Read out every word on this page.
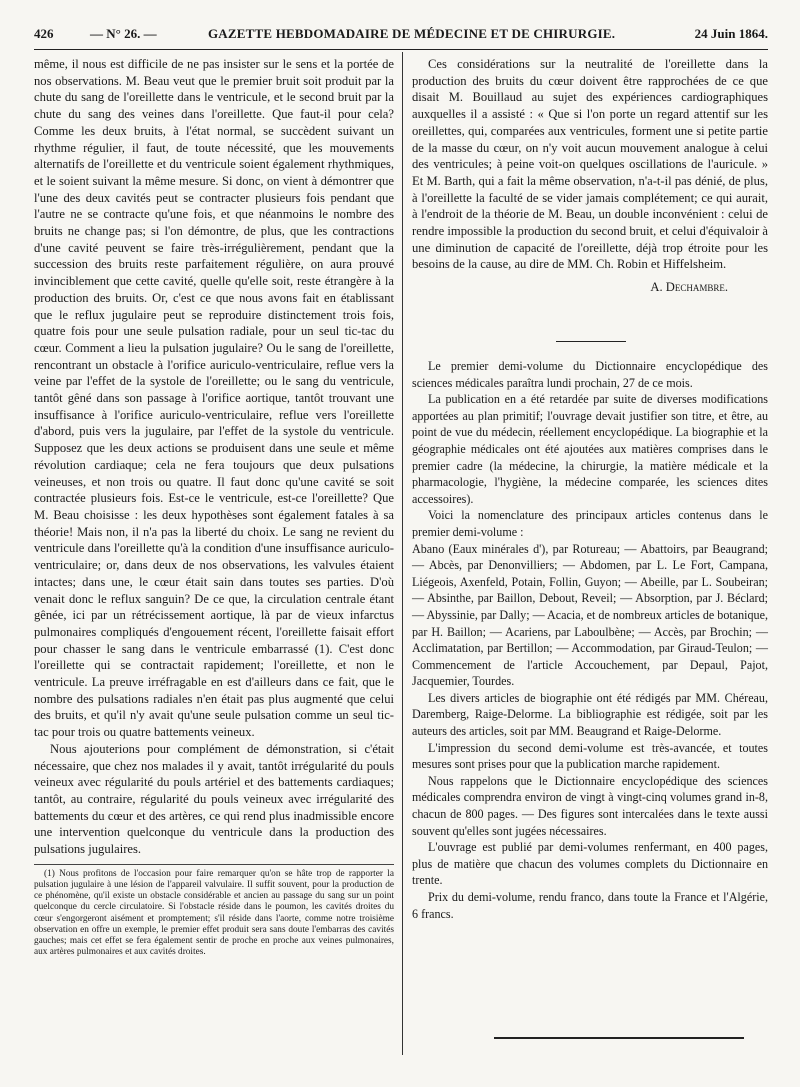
426	— N° 26. —	GAZETTE HEBDOMADAIRE DE MÉDECINE ET DE CHIRURGIE.	24 Juin 1864.

même, il nous est difficile de ne pas insister sur le sens et la portée de nos observations. M. Beau veut que le premier bruit soit produit par la chute du sang de l'oreillette dans le ventricule, et le second bruit par la chute du sang des veines dans l'oreillette. Que faut-il pour cela? Comme les deux bruits, à l'état normal, se succèdent suivant un rhythme régulier, il faut, de toute nécessité, que les mouvements alternatifs de l'oreillette et du ventricule soient également rhythmiques, et le soient suivant la même mesure. Si donc, on vient à démontrer que l'une des deux cavités peut se contracter plusieurs fois pendant que l'autre ne se contracte qu'une fois, et que néanmoins le nombre des bruits ne change pas; si l'on démontre, de plus, que les contractions d'une cavité peuvent se faire très-irrégulièrement, pendant que la succession des bruits reste parfaitement régulière, on aura prouvé invinciblement que cette cavité, quelle qu'elle soit, reste étrangère à la production des bruits. Or, c'est ce que nous avons fait en établissant que le reflux jugulaire peut se reproduire distinctement trois fois, quatre fois pour une seule pulsation radiale, pour un seul tic-tac du cœur. Comment a lieu la pulsation jugulaire? Ou le sang de l'oreillette, rencontrant un obstacle à l'orifice auriculo-ventriculaire, reflue vers la veine par l'effet de la systole de l'oreillette; ou le sang du ventricule, tantôt gêné dans son passage à l'orifice aortique, tantôt trouvant une insuffisance à l'orifice auriculo-ventriculaire, reflue vers l'oreillette d'abord, puis vers la jugulaire, par l'effet de la systole du ventricule. Supposez que les deux actions se produisent dans une seule et même révolution cardiaque; cela ne fera toujours que deux pulsations veineuses, et non trois ou quatre. Il faut donc qu'une cavité se soit contractée plusieurs fois. Est-ce le ventricule, est-ce l'oreillette? Que M. Beau choisisse : les deux hypothèses sont également fatales à sa théorie! Mais non, il n'a pas la liberté du choix. Le sang ne revient du ventricule dans l'oreillette qu'à la condition d'une insuffisance auriculo-ventriculaire; or, dans deux de nos observations, les valvules étaient intactes; dans une, le cœur était sain dans toutes ses parties. D'où venait donc le reflux sanguin? De ce que, la circulation centrale étant gênée, ici par un rétrécissement aortique, là par de vieux infarctus pulmonaires compliqués d'engouement récent, l'oreillette faisait effort pour chasser le sang dans le ventricule embarrassé (1). C'est donc l'oreillette qui se contractait rapidement; l'oreillette, et non le ventricule. La preuve irréfragable en est d'ailleurs dans ce fait, que le nombre des pulsations radiales n'en était pas plus augmenté que celui des bruits, et qu'il n'y avait qu'une seule pulsation comme un seul tic-tac pour trois ou quatre battements veineux.

Nous ajouterions pour complément de démonstration, si c'était nécessaire, que chez nos malades il y avait, tantôt irrégularité du pouls veineux avec régularité du pouls artériel et des battements cardiaques; tantôt, au contraire, régularité du pouls veineux avec irrégularité des battements du cœur et des artères, ce qui rend plus inadmissible encore une intervention quelconque du ventricule dans la production des pulsations jugulaires.

(1) Nous profitons de l'occasion pour faire remarquer qu'on se hâte trop de rapporter la pulsation jugulaire à une lésion de l'appareil valvulaire. Il suffit souvent, pour la production de ce phénomène, qu'il existe un obstacle considérable et ancien au passage du sang sur un point quelconque du cercle circulatoire. Si l'obstacle réside dans le poumon, les cavités droites du cœur s'engorgeront aisément et promptement; s'il réside dans l'aorte, comme notre troisième observation en offre un exemple, le premier effet produit sera sans doute l'embarras des cavités gauches; mais cet effet se fera également sentir de proche en proche aux veines pulmonaires, aux artères pulmonaires et aux cavités droites.

Ces considérations sur la neutralité de l'oreillette dans la production des bruits du cœur doivent être rapprochées de ce que disait M. Bouillaud au sujet des expériences cardiographiques auxquelles il a assisté : « Que si l'on porte un regard attentif sur les oreillettes, qui, comparées aux ventricules, forment une si petite partie de la masse du cœur, on n'y voit aucun mouvement analogue à celui des ventricules; à peine voit-on quelques oscillations de l'auricule. » Et M. Barth, qui a fait la même observation, n'a-t-il pas dénié, de plus, à l'oreillette la faculté de se vider jamais complétement; ce qui aurait, à l'endroit de la théorie de M. Beau, un double inconvénient : celui de rendre impossible la production du second bruit, et celui d'équivaloir à une diminution de capacité de l'oreillette, déjà trop étroite pour les besoins de la cause, au dire de MM. Ch. Robin et Hiffelsheim.

A. Dechambre.

Le premier demi-volume du Dictionnaire encyclopédique des sciences médicales paraîtra lundi prochain, 27 de ce mois.

La publication en a été retardée par suite de diverses modifications apportées au plan primitif; l'ouvrage devait justifier son titre, et être, au point de vue du médecin, réellement encyclopédique. La biographie et la géographie médicales ont été ajoutées aux matières comprises dans le premier cadre (la médecine, la chirurgie, la matière médicale et la pharmacologie, l'hygiène, la médecine comparée, les sciences dites accessoires).

Voici la nomenclature des principaux articles contenus dans le premier demi-volume :

Abano (Eaux minérales d'), par Rotureau; — Abattoirs, par Beaugrand; — Abcès, par Denonvilliers; — Abdomen, par L. Le Fort, Campana, Liégeois, Axenfeld, Potain, Follin, Guyon; — Abeille, par L. Soubeiran; — Absinthe, par Baillon, Debout, Reveil; — Absorption, par J. Béclard; — Abyssinie, par Dally; — Acacia, et de nombreux articles de botanique, par H. Baillon; — Acariens, par Laboulbène; — Accès, par Brochin; — Acclimatation, par Bertillon; — Accommodation, par Giraud-Teulon; — Commencement de l'article Accouchement, par Depaul, Pajot, Jacquemier, Tourdes.

Les divers articles de biographie ont été rédigés par MM. Chéreau, Daremberg, Raige-Delorme. La bibliographie est rédigée, soit par les auteurs des articles, soit par MM. Beaugrand et Raige-Delorme.

L'impression du second demi-volume est très-avancée, et toutes mesures sont prises pour que la publication marche rapidement.

Nous rappelons que le Dictionnaire encyclopédique des sciences médicales comprendra environ de vingt à vingt-cinq volumes grand in-8, chacun de 800 pages. — Des figures sont intercalées dans le texte aussi souvent qu'elles sont jugées nécessaires.

L'ouvrage est publié par demi-volumes renfermant, en 400 pages, plus de matière que chacun des volumes complets du Dictionnaire en trente.

Prix du demi-volume, rendu franco, dans toute la France et l'Algérie, 6 francs.
